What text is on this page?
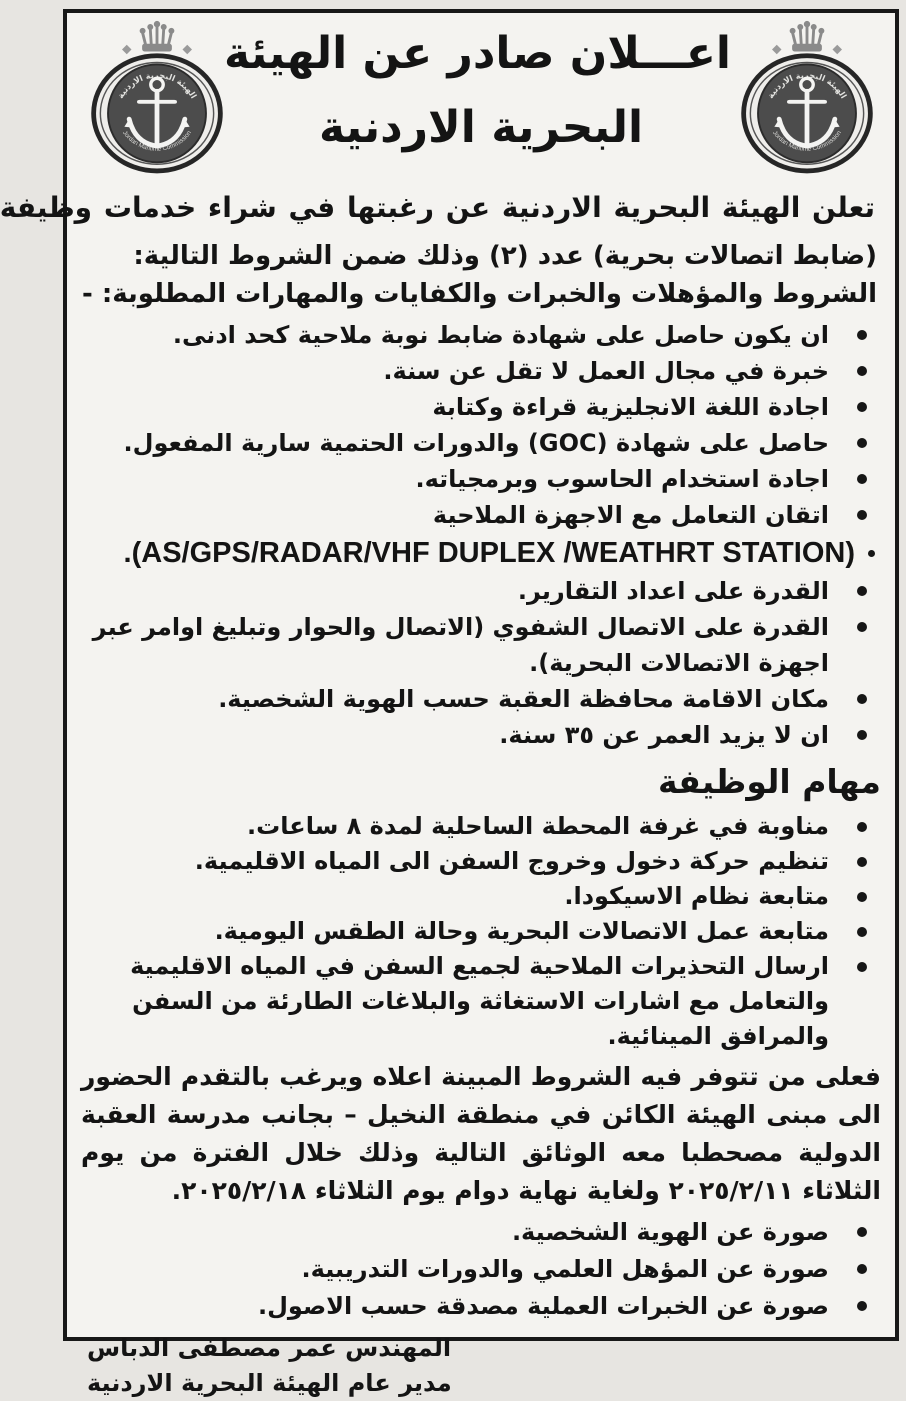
اعـــلان صادر عن الهيئة
البحرية الاردنية

تعلن الهيئة البحرية الاردنية عن رغبتها في شراء خدمات وظيفة

(ضابط اتصالات بحرية) عدد (٢) وذلك ضمن الشروط التالية:
الشروط والمؤهلات والخبرات والكفايات والمهارات المطلوبة: -

ان يكون حاصل على شهادة ضابط نوبة ملاحية كحد ادنى.
خبرة في مجال العمل لا تقل عن سنة.
اجادة اللغة الانجليزية قراءة وكتابة
حاصل على شهادة (GOC) والدورات الحتمية سارية المفعول.
اجادة استخدام الحاسوب وبرمجياته.
اتقان التعامل مع الاجهزة الملاحية
(AS/GPS/RADAR/VHF DUPLEX /WEATHRT STATION).
القدرة على اعداد التقارير.
القدرة على الاتصال الشفوي (الاتصال والحوار وتبليغ اوامر عبر اجهزة الاتصالات البحرية).
مكان الاقامة محافظة العقبة حسب الهوية الشخصية.
ان لا يزيد العمر عن ٣٥ سنة.
مهام الوظيفة
مناوبة في غرفة المحطة الساحلية لمدة ٨ ساعات.
تنظيم حركة دخول وخروج السفن الى المياه الاقليمية.
متابعة نظام الاسيكودا.
متابعة عمل الاتصالات البحرية وحالة الطقس اليومية.
ارسال التحذيرات الملاحية لجميع السفن في المياه الاقليمية والتعامل مع اشارات الاستغاثة والبلاغات الطارئة من السفن والمرافق المينائية.

فعلى من تتوفر فيه الشروط المبينة اعلاه ويرغب بالتقدم الحضور الى مبنى الهيئة الكائن في منطقة النخيل – بجانب مدرسة العقبة الدولية مصحطبا معه الوثائق التالية وذلك خلال الفترة من يوم الثلاثاء ٢٠٢٥/٢/١١ ولغاية نهاية دوام يوم الثلاثاء ٢٠٢٥/٢/١٨.

صورة عن الهوية الشخصية.
صورة عن المؤهل العلمي والدورات التدريبية.
صورة عن الخبرات العملية مصدقة حسب الاصول.
المهندس عمر مصطفى الدباس
مدير عام الهيئة البحرية الاردنية
